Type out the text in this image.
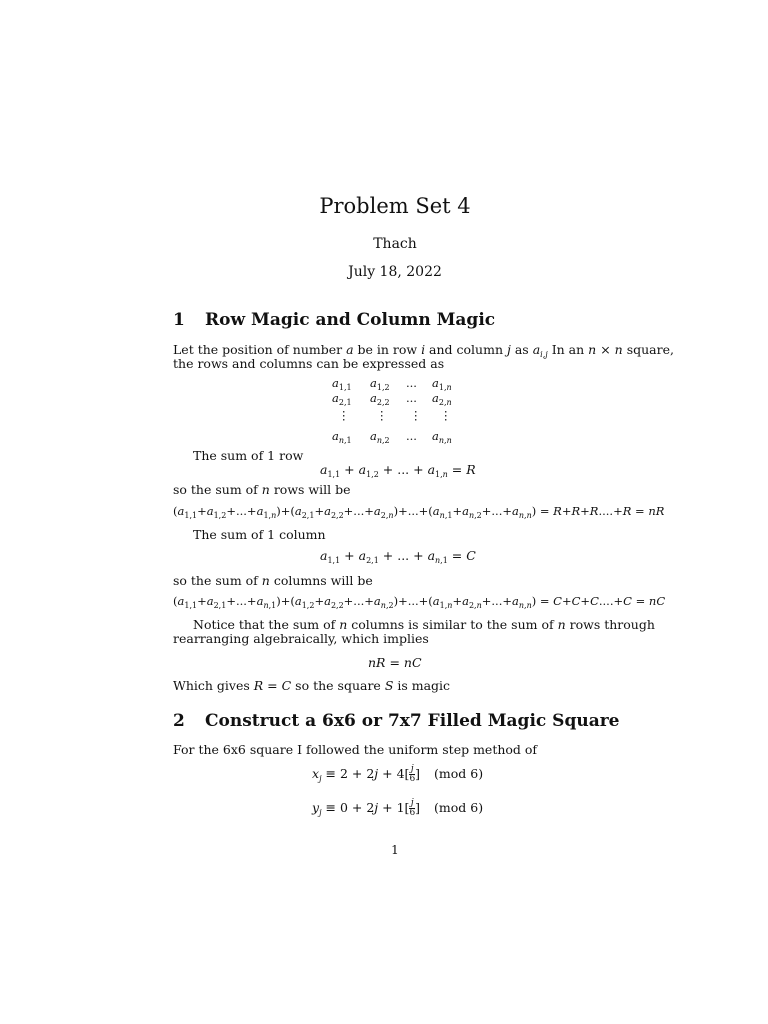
Problem Set 4
Thach
July 18, 2022
1 Row Magic and Column Magic
Let the position of number a be in row i and column j as $a_{i,j}$ In an n × n square,
the rows and columns can be expressed as
$a_{1,1}$ $a_{1,2}$ ... $a_{1,n}$
$a_{2,1}$ $a_{2,2}$ ... $a_{2,n}$
⋮ ⋮ ⋮ ⋮
$a_{n,1}$ $a_{n,2}$ ... $a_{n,n}$
The sum of 1 row
$a_{1,1} + a_{1,2}$ + ... + $a_{1,n} = R$
so the sum of n rows will be
$(a_{1,1}+a_{1,2}+...+a_{1,n})+(a_{2,1}+a_{2,2}+...+a_{2,n})+...+(a_{n,1}+a_{n,2}+...+a_{n,n}) = R+R+R....+R$ = nR
The sum of 1 column
$a_{1,1} + a_{2,1}$ + ... + $a_{n,1} = C$
so the sum of n columns will be
$(a_{1,1}+a_{2,1}+...+a_{n,1})+(a_{1,2}+a_{2,2}+...+a_{n,2})+...+(a_{1,n}+a_{2,n}+...+a_{n,n}) = C+C+C....+C$ = nC
Notice that the sum of n columns is similar to the sum of n rows through
rearranging algebraically, which implies
nR = nC
Which gives R = C so the square S is magic
2 Construct a 6x6 or 7x7 Filled Magic Square
For the 6x6 square I followed the uniform step method of
$x_j \equiv 2 + 2j + 4[ \frac{j}{6}$ ] (mod 6)
$y_j \equiv 0 + 2j + 1[ \frac{j}{6}$ ] (mod 6)
1
